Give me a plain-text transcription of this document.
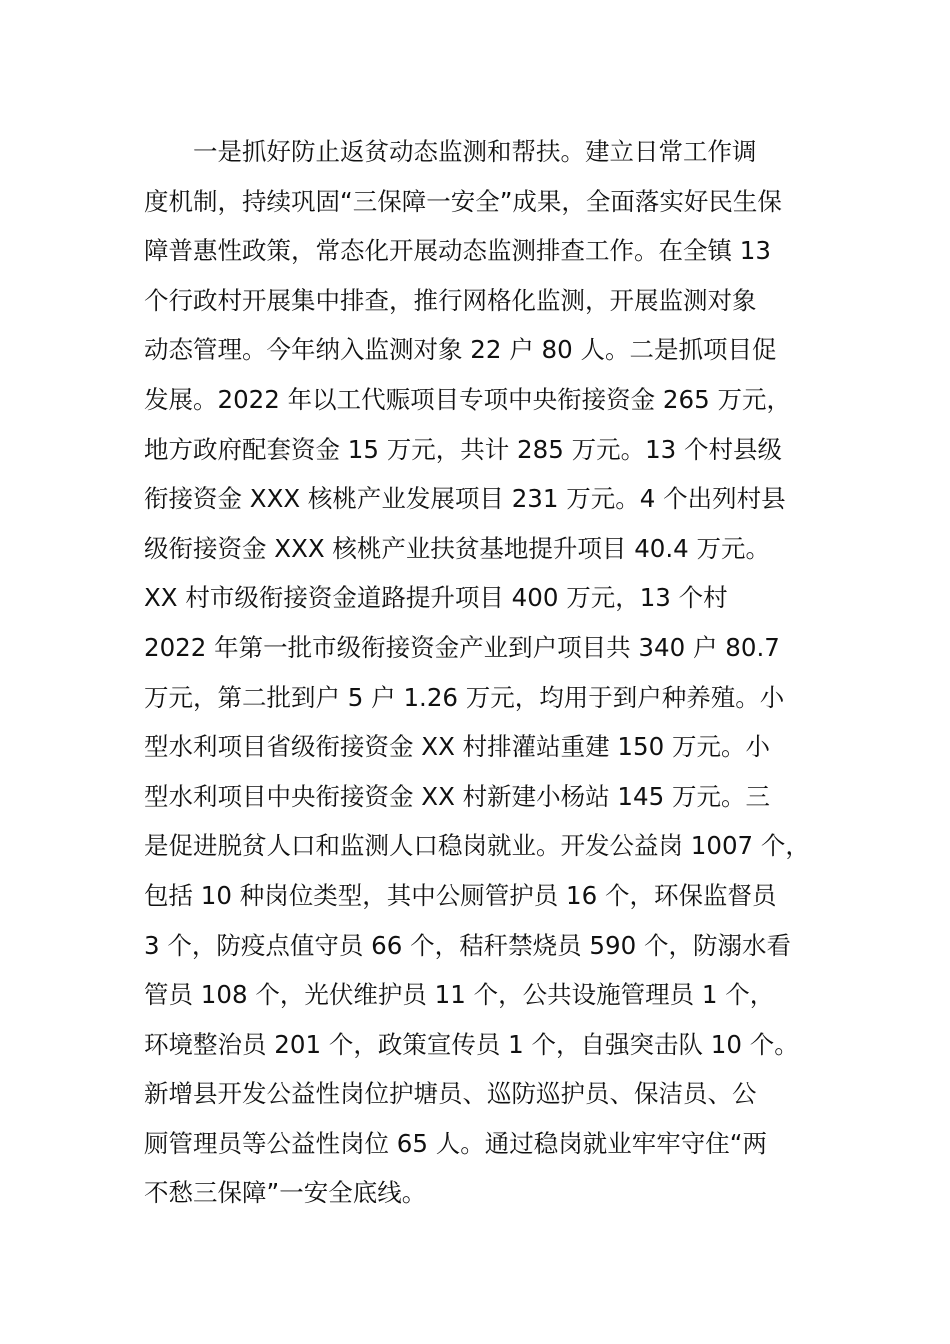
　　一是抓好防止返贫动态监测和帮扶。建立日常工作调
度机制，持续巩固“三保障一安全”成果，全面落实好民生保
障普惠性政策，常态化开展动态监测排查工作。在全镇 13
个行政村开展集中排查，推行网格化监测，开展监测对象
动态管理。今年纳入监测对象 22 户 80 人。二是抓项目促
发展。2022 年以工代赈项目专项中央衔接资金 265 万元，
地方政府配套资金 15 万元，共计 285 万元。13 个村县级
衔接资金 XXX 核桃产业发展项目 231 万元。4 个出列村县
级衔接资金 XXX 核桃产业扶贫基地提升项目 40.4 万元。
XX 村市级衔接资金道路提升项目 400 万元，13 个村
2022 年第一批市级衔接资金产业到户项目共 340 户 80.7
万元，第二批到户 5 户 1.26 万元，均用于到户种养殖。小
型水利项目省级衔接资金 XX 村排灌站重建 150 万元。小
型水利项目中央衔接资金 XX 村新建小杨站 145 万元。三
是促进脱贫人口和监测人口稳岗就业。开发公益岗 1007 个，
包括 10 种岗位类型，其中公厕管护员 16 个，环保监督员
3 个，防疫点值守员 66 个，秸秆禁烧员 590 个，防溺水看
管员 108 个，光伏维护员 11 个，公共设施管理员 1 个，
环境整治员 201 个，政策宣传员 1 个，自强突击队 10 个。
新增县开发公益性岗位护塘员、巡防巡护员、保洁员、公
厕管理员等公益性岗位 65 人。通过稳岗就业牢牢守住“两
不愁三保障”一安全底线。
